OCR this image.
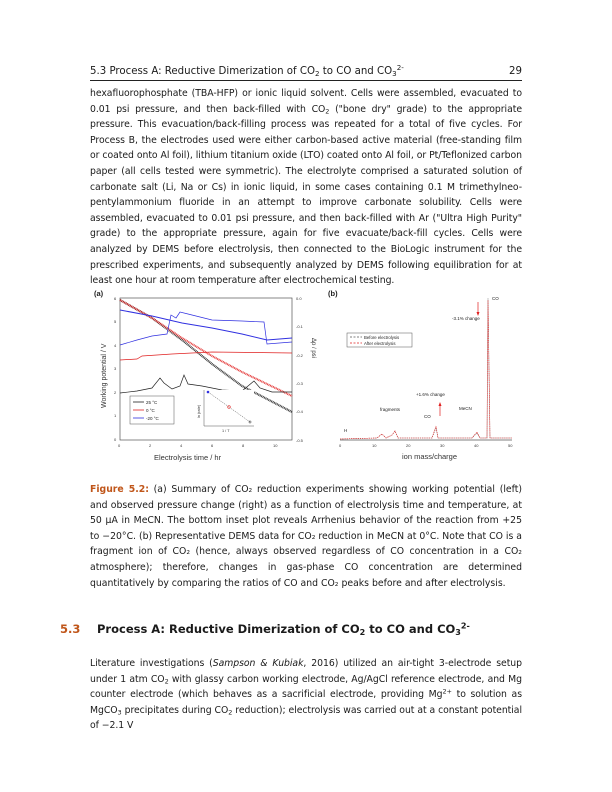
5.3 Process A: Reductive Dimerization of $CO_2$ to CO and $CO_3^{2-}$	29

hexafluorophosphate (TBA-HFP) or ionic liquid solvent. Cells were assembled, evacuated to 0.01 psi pressure, and then back-filled with $CO_2$ ("bone dry" grade) to the appropriate pressure. This evacuation/back-filling process was repeated for a total of five cycles. For Process B, the electrodes used were either carbon-based active material (free-standing film or coated onto Al foil), lithium titanium oxide (LTO) coated onto Al foil, or Pt/Teflonized carbon paper (all cells tested were symmetric). The electrolyte comprised a saturated solution of carbonate salt (Li, Na or Cs) in ionic liquid, in some cases containing 0.1 M trimethylneo-pentylammonium fluoride in an attempt to improve carbonate solubility. Cells were assembled, evacuated to 0.01 psi pressure, and then back-filled with Ar ("Ultra High Purity" grade) to the appropriate pressure, again for five evacuate/back-fill cycles. Cells were analyzed by DEMS before electrolysis, then connected to the BioLogic instrument for the prescribed experiments, and subsequently analyzed by DEMS following equilibration for at least one hour at room temperature after electrochemical testing.

(a)
0
1
2
3
4
5
6
0	2	4	6	8	10
0.0
-0.1
-0.2
-0.3
-0.4
-0.5
Working potential / V	Δp / psi
Electrolysis time / hr
25 °C
0 °C
-20 °C
ln (rate)
1 / T
(b)
0	10	20	30	40	50
ion mass/charge
Before electrolysis
After electrolysis
H
fragments
CO
+1.6% change
MeCN
-3.1% change
CO
Figure 5.2: (a) Summary of CO₂ reduction experiments showing working potential (left) and observed pressure change (right) as a function of electrolysis time and temperature, at 50 µA in MeCN. The bottom inset plot reveals Arrhenius behavior of the reaction from +25 to −20°C. (b) Representative DEMS data for CO₂ reduction in MeCN at 0°C. Note that CO is a fragment ion of CO₂ (hence, always observed regardless of CO concentration in a CO₂ atmosphere); therefore, changes in gas-phase CO concentration are determined quantitatively by comparing the ratios of CO and CO₂ peaks before and after electrolysis.
5.3	Process A: Reductive Dimerization of $CO_2$ to CO and $CO_3^{2-}$

Literature investigations (Sampson & Kubiak, 2016) utilized an air-tight 3-electrode setup under 1 atm $CO_2$ with glassy carbon working electrode, Ag/AgCl reference electrode, and Mg counter electrode (which behaves as a sacrificial electrode, providing $Mg^{2+}$ to solution as MgCO$_3$ precipitates during $CO_2$ reduction); electrolysis was carried out at a constant potential of −2.1 V
